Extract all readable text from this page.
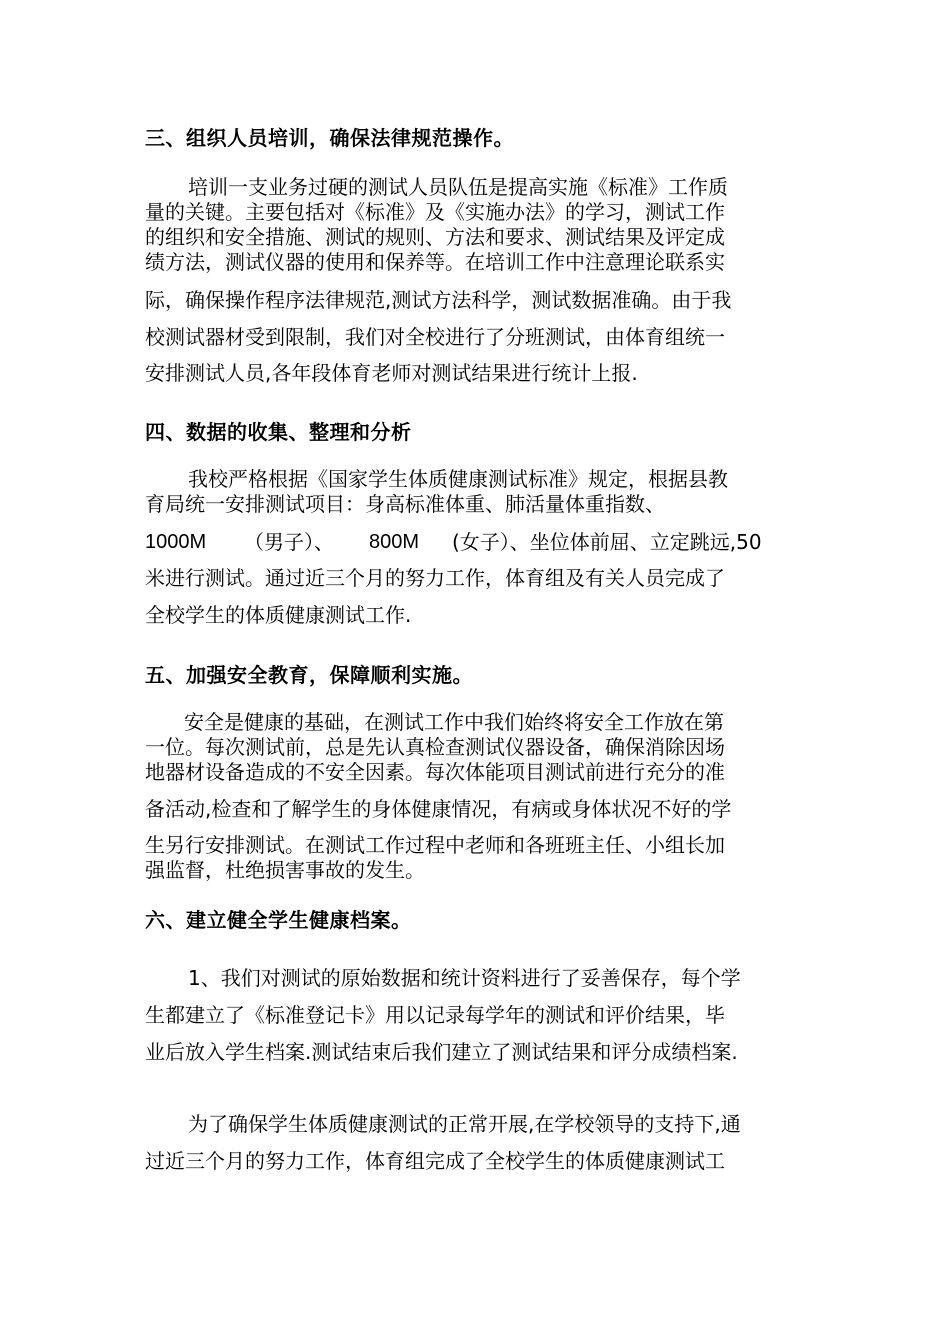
三、组织人员培训，确保法律规范操作。
培训一支业务过硬的测试人员队伍是提高实施《标准》工作质
量的关键。主要包括对《标准》及《实施办法》的学习，测试工作
的组织和安全措施、测试的规则、方法和要求、测试结果及评定成
绩方法，测试仪器的使用和保养等。在培训工作中注意理论联系实
际，确保操作程序法律规范,测试方法科学，测试数据准确。由于我
校测试器材受到限制，我们对全校进行了分班测试，由体育组统一
安排测试人员,各年段体育老师对测试结果进行统计上报.
四、数据的收集、整理和分析
我校严格根据《国家学生体质健康测试标准》规定，根据县教
育局统一安排测试项目：身高标准体重、肺活量体重指数、
1000M （男子）、 800M (女子）、坐位体前屈、立定跳远,50
米进行测试。通过近三个月的努力工作，体育组及有关人员完成了
全校学生的体质健康测试工作.
五、加强安全教育，保障顺利实施。
安全是健康的基础，在测试工作中我们始终将安全工作放在第
一位。每次测试前，总是先认真检查测试仪器设备，确保消除因场
地器材设备造成的不安全因素。每次体能项目测试前进行充分的准
备活动,检查和了解学生的身体健康情况，有病或身体状况不好的学
生另行安排测试。在测试工作过程中老师和各班班主任、小组长加
强监督，杜绝损害事故的发生。
六、建立健全学生健康档案。
1、我们对测试的原始数据和统计资料进行了妥善保存，每个学
生都建立了《标准登记卡》用以记录每学年的测试和评价结果，毕
业后放入学生档案.测试结束后我们建立了测试结果和评分成绩档案.
为了确保学生体质健康测试的正常开展,在学校领导的支持下,通
过近三个月的努力工作，体育组完成了全校学生的体质健康测试工
